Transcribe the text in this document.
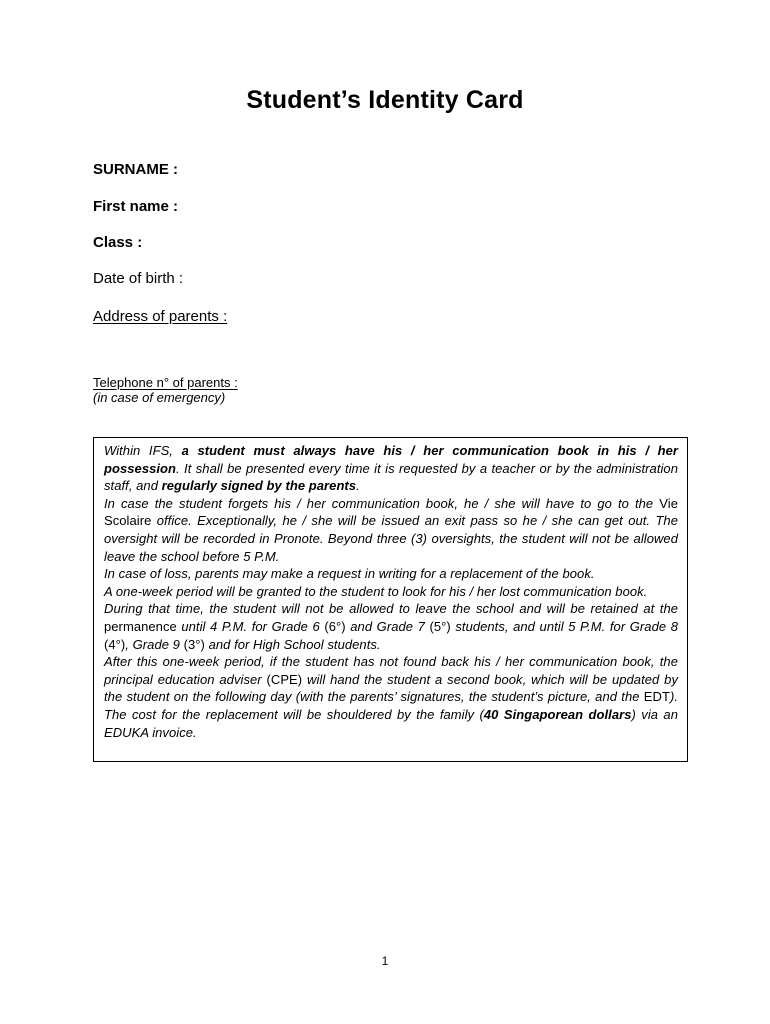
Student’s Identity Card
SURNAME :
First name :
Class :
Date of birth :
Address of parents :
Telephone n° of parents :
(in case of emergency)

Within IFS, a student must always have his / her communication book in his / her possession. It shall be presented every time it is requested by a teacher or by the administration staff, and regularly signed by the parents.

In case the student forgets his / her communication book, he / she will have to go to the Vie Scolaire office. Exceptionally, he / she will be issued an exit pass so he / she can get out. The oversight will be recorded in Pronote. Beyond three (3) oversights, the student will not be allowed leave the school before 5 P.M.

In case of loss, parents may make a request in writing for a replacement of the book.

A one-week period will be granted to the student to look for his / her lost communication book.

During that time, the student will not be allowed to leave the school and will be retained at the permanence until 4 P.M. for Grade 6 (6°) and Grade 7 (5°) students, and until 5 P.M. for Grade 8 (4°), Grade 9 (3°) and for High School students.

After this one-week period, if the student has not found back his / her communication book, the principal education adviser (CPE) will hand the student a second book, which will be updated by the student on the following day (with the parents’ signatures, the student’s picture, and the EDT). The cost for the replacement will be shouldered by the family (40 Singaporean dollars) via an EDUKA invoice.

1
